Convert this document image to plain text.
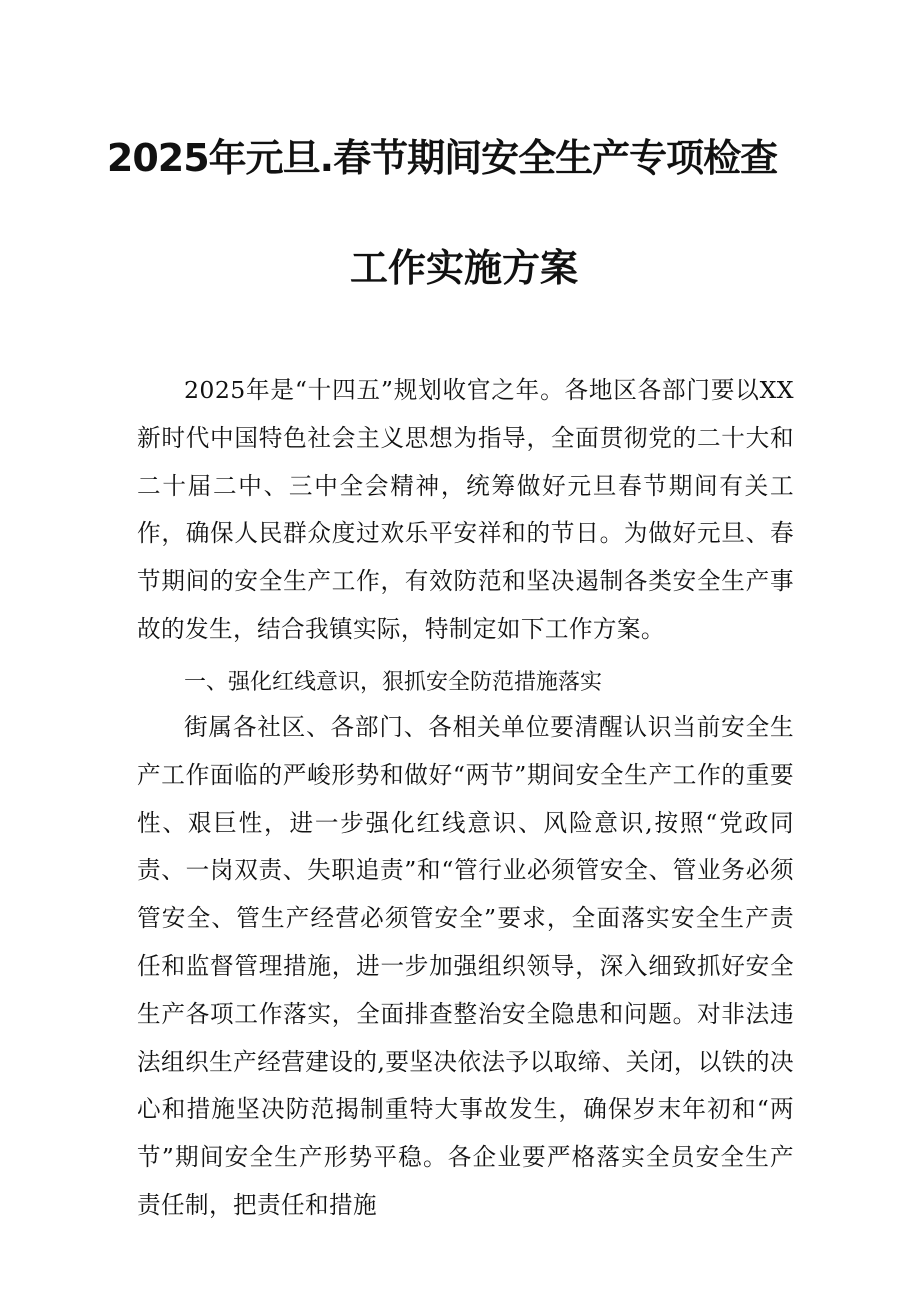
2025年元旦.春节期间安全生产专项检查
工作实施方案

2025年是“十四五”规划收官之年。各地区各部门要以XX新时代中国特色社会主义思想为指导，全面贯彻党的二十大和二十届二中、三中全会精神，统筹做好元旦春节期间有关工作，确保人民群众度过欢乐平安祥和的节日。为做好元旦、春节期间的安全生产工作，有效防范和坚决遏制各类安全生产事故的发生，结合我镇实际，特制定如下工作方案。

一、强化红线意识，狠抓安全防范措施落实

街属各社区、各部门、各相关单位要清醒认识当前安全生产工作面临的严峻形势和做好“两节”期间安全生产工作的重要性、艰巨性，进一步强化红线意识、风险意识,按照“党政同责、一岗双责、失职追责”和“管行业必须管安全、管业务必须管安全、管生产经营必须管安全”要求，全面落实安全生产责任和监督管理措施，进一步加强组织领导，深入细致抓好安全生产各项工作落实，全面排查整治安全隐患和问题。对非法违法组织生产经营建设的,要坚决依法予以取缔、关闭，以铁的决心和措施坚决防范揭制重特大事故发生，确保岁末年初和“两节”期间安全生产形势平稳。各企业要严格落实全员安全生产责任制，把责任和措施
